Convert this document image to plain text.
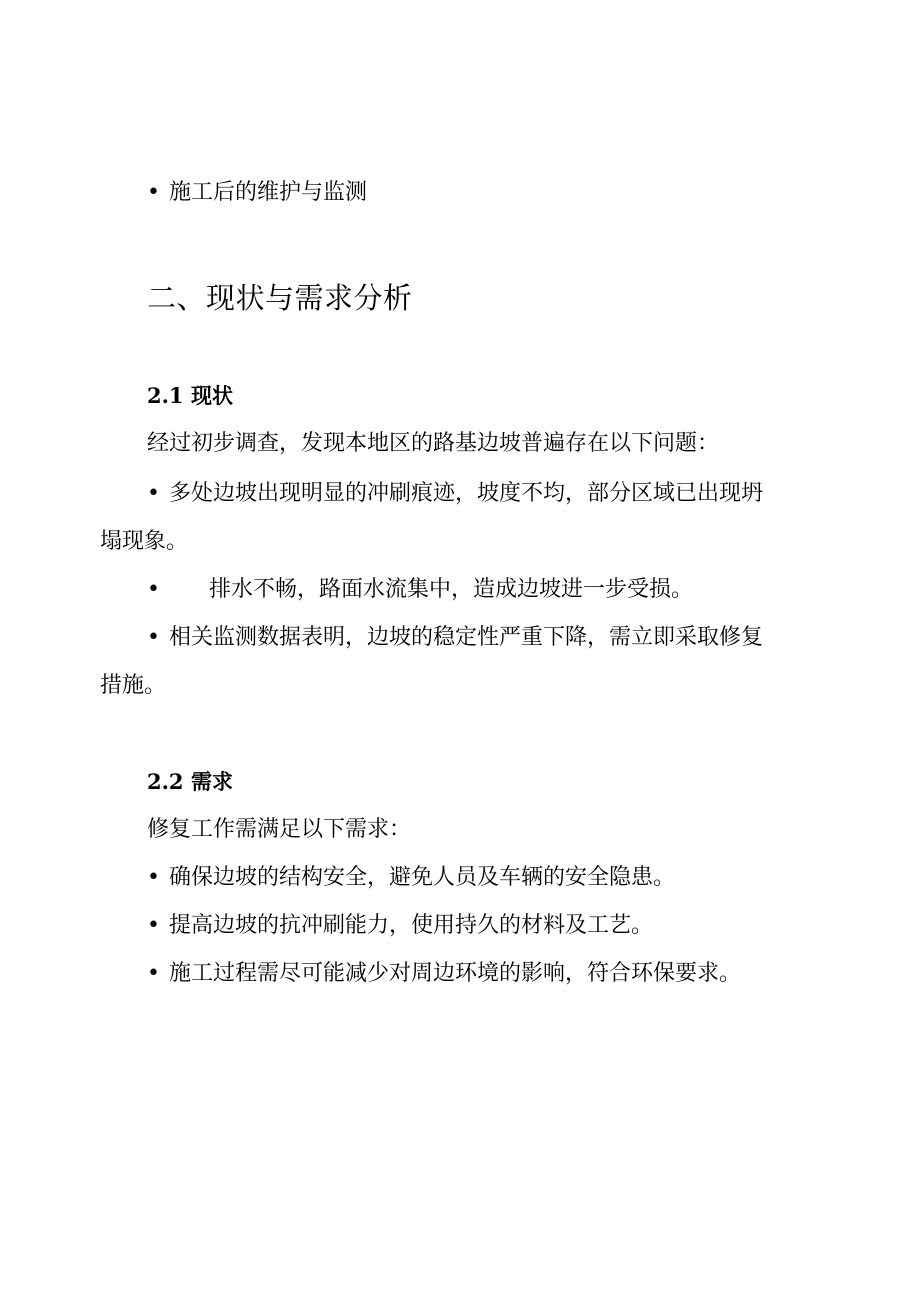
• 施工后的维护与监测

二、现状与需求分析
2.1 现状

经过初步调查，发现本地区的路基边坡普遍存在以下问题：

• 多处边坡出现明显的冲刷痕迹，坡度不均，部分区域已出现坍
塌现象。

• 排水不畅，路面水流集中，造成边坡进一步受损。

• 相关监测数据表明，边坡的稳定性严重下降，需立即采取修复
措施。
2.2 需求

修复工作需满足以下需求：

• 确保边坡的结构安全，避免人员及车辆的安全隐患。

• 提高边坡的抗冲刷能力，使用持久的材料及工艺。

• 施工过程需尽可能减少对周边环境的影响，符合环保要求。
